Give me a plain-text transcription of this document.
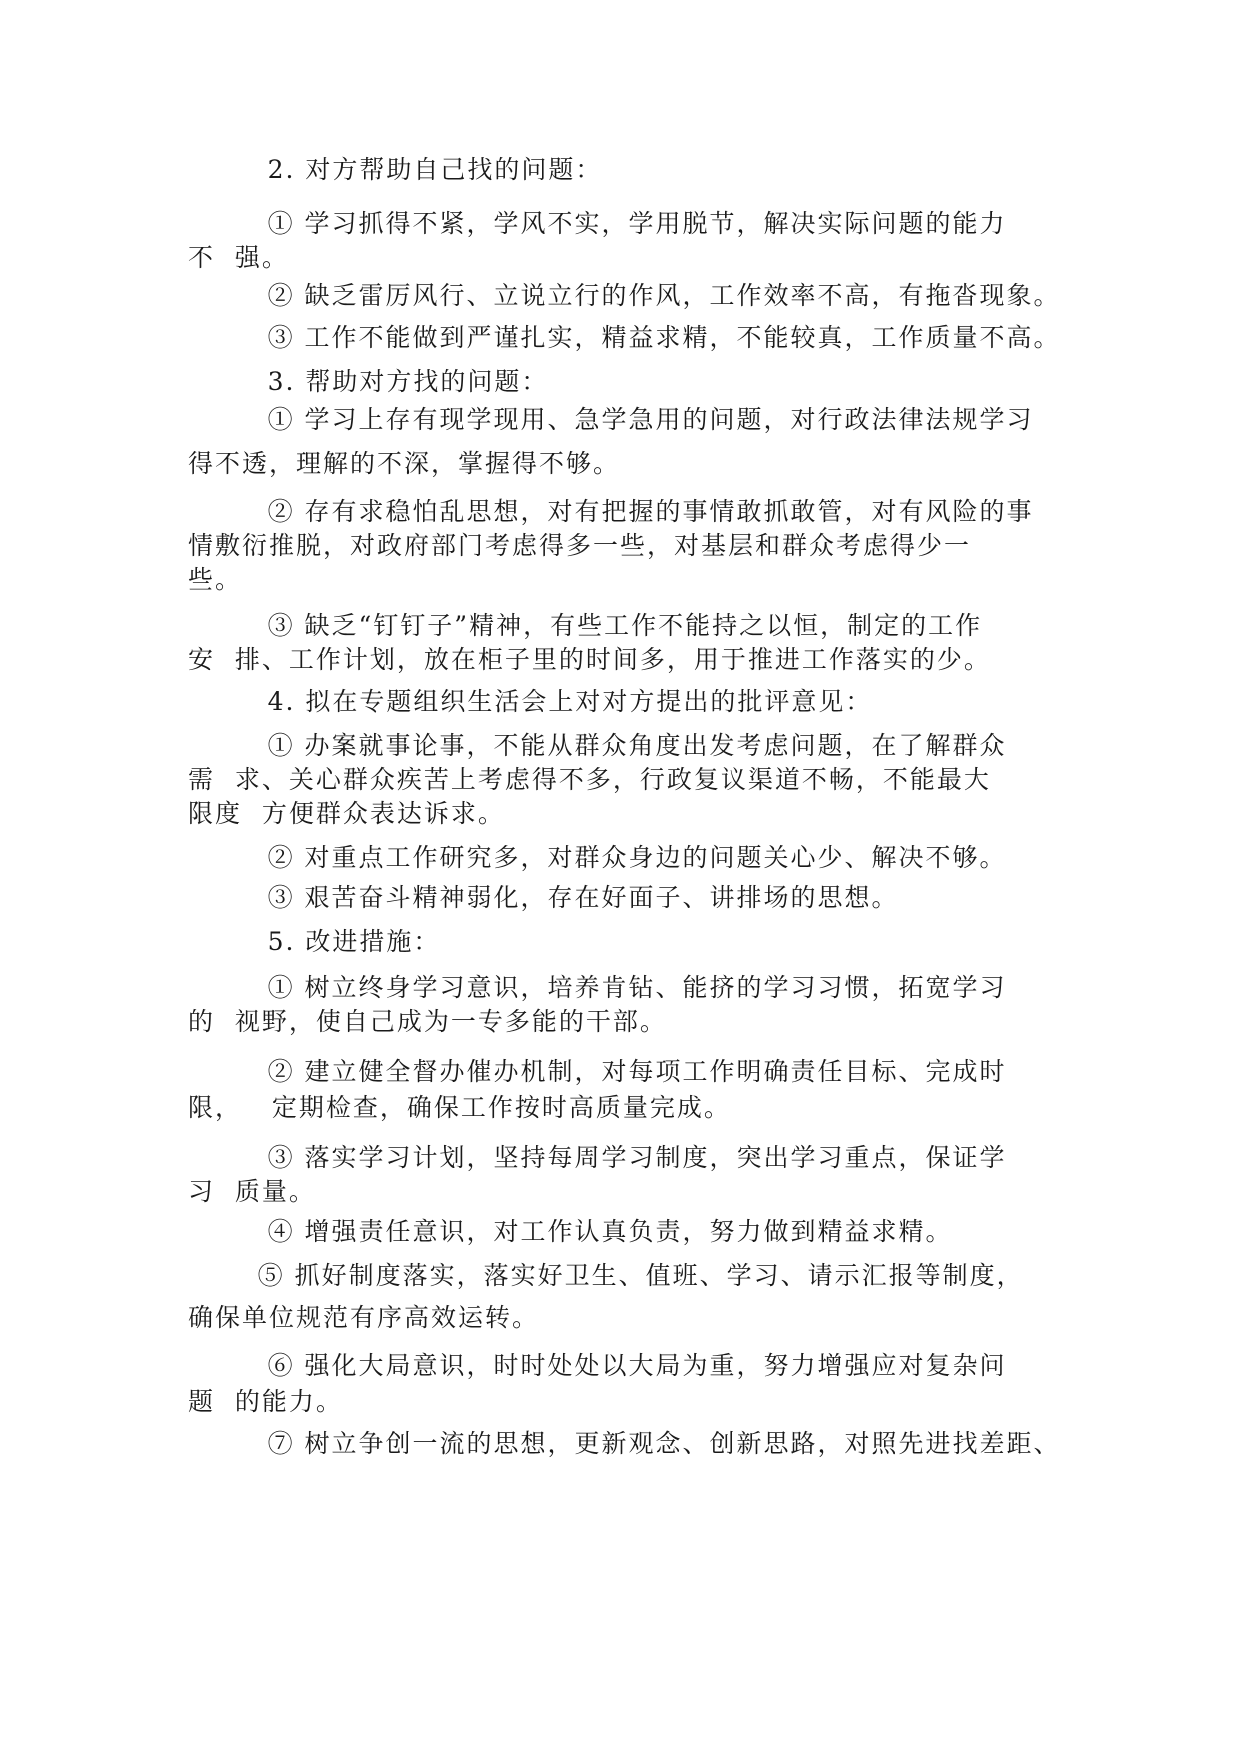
2. 对方帮助自己找的问题：
① 学习抓得不紧，学风不实，学用脱节，解决实际问题的能力
不  强。
② 缺乏雷厉风行、立说立行的作风，工作效率不高，有拖沓现象。
③ 工作不能做到严谨扎实，精益求精，不能较真，工作质量不高。
3. 帮助对方找的问题：
① 学习上存有现学现用、急学急用的问题，对行政法律法规学习
得不透，理解的不深，掌握得不够。
② 存有求稳怕乱思想，对有把握的事情敢抓敢管，对有风险的事
情敷衍推脱，对政府部门考虑得多一些，对基层和群众考虑得少一
些。
③ 缺乏“钉钉子”精神，有些工作不能持之以恒，制定的工作
安  排、工作计划，放在柜子里的时间多，用于推进工作落实的少。
4. 拟在专题组织生活会上对对方提出的批评意见：
① 办案就事论事，不能从群众角度出发考虑问题，在了解群众
需  求、关心群众疾苦上考虑得不多，行政复议渠道不畅，不能最大
限度  方便群众表达诉求。
② 对重点工作研究多，对群众身边的问题关心少、解决不够。
③ 艰苦奋斗精神弱化，存在好面子、讲排场的思想。
5. 改进措施：
① 树立终身学习意识，培养肯钻、能挤的学习习惯，拓宽学习
的  视野，使自己成为一专多能的干部。
② 建立健全督办催办机制，对每项工作明确责任目标、完成时
限，   定期检查，确保工作按时高质量完成。
③ 落实学习计划，坚持每周学习制度，突出学习重点，保证学
习  质量。
④ 增强责任意识，对工作认真负责，努力做到精益求精。
⑤ 抓好制度落实，落实好卫生、值班、学习、请示汇报等制度，
确保单位规范有序高效运转。
⑥ 强化大局意识，时时处处以大局为重，努力增强应对复杂问
题  的能力。
⑦ 树立争创一流的思想，更新观念、创新思路，对照先进找差距、
